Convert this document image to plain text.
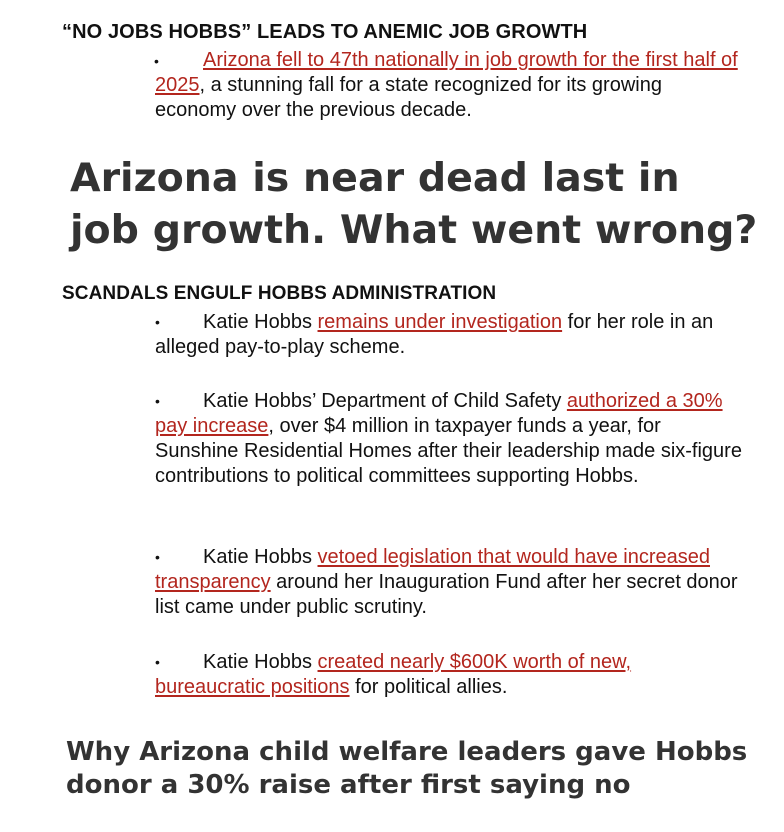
“NO JOBS HOBBS” LEADS TO ANEMIC JOB GROWTH
•	Arizona fell to 47th nationally in job growth for the first half of 2025, a stunning fall for a state recognized for its growing economy over the previous decade.
Arizona is near dead last in job growth. What went wrong?
SCANDALS ENGULF HOBBS ADMINISTRATION
•	Katie Hobbs remains under investigation for her role in an alleged pay-to-play scheme.
•	Katie Hobbs’ Department of Child Safety authorized a 30% pay increase, over $4 million in taxpayer funds a year, for Sunshine Residential Homes after their leadership made six-figure contributions to political committees supporting Hobbs.
•	Katie Hobbs vetoed legislation that would have increased transparency around her Inauguration Fund after her secret donor list came under public scrutiny.
•	Katie Hobbs created nearly $600K worth of new, bureaucratic positions for political allies.
Why Arizona child welfare leaders gave Hobbs donor a 30% raise after first saying no
